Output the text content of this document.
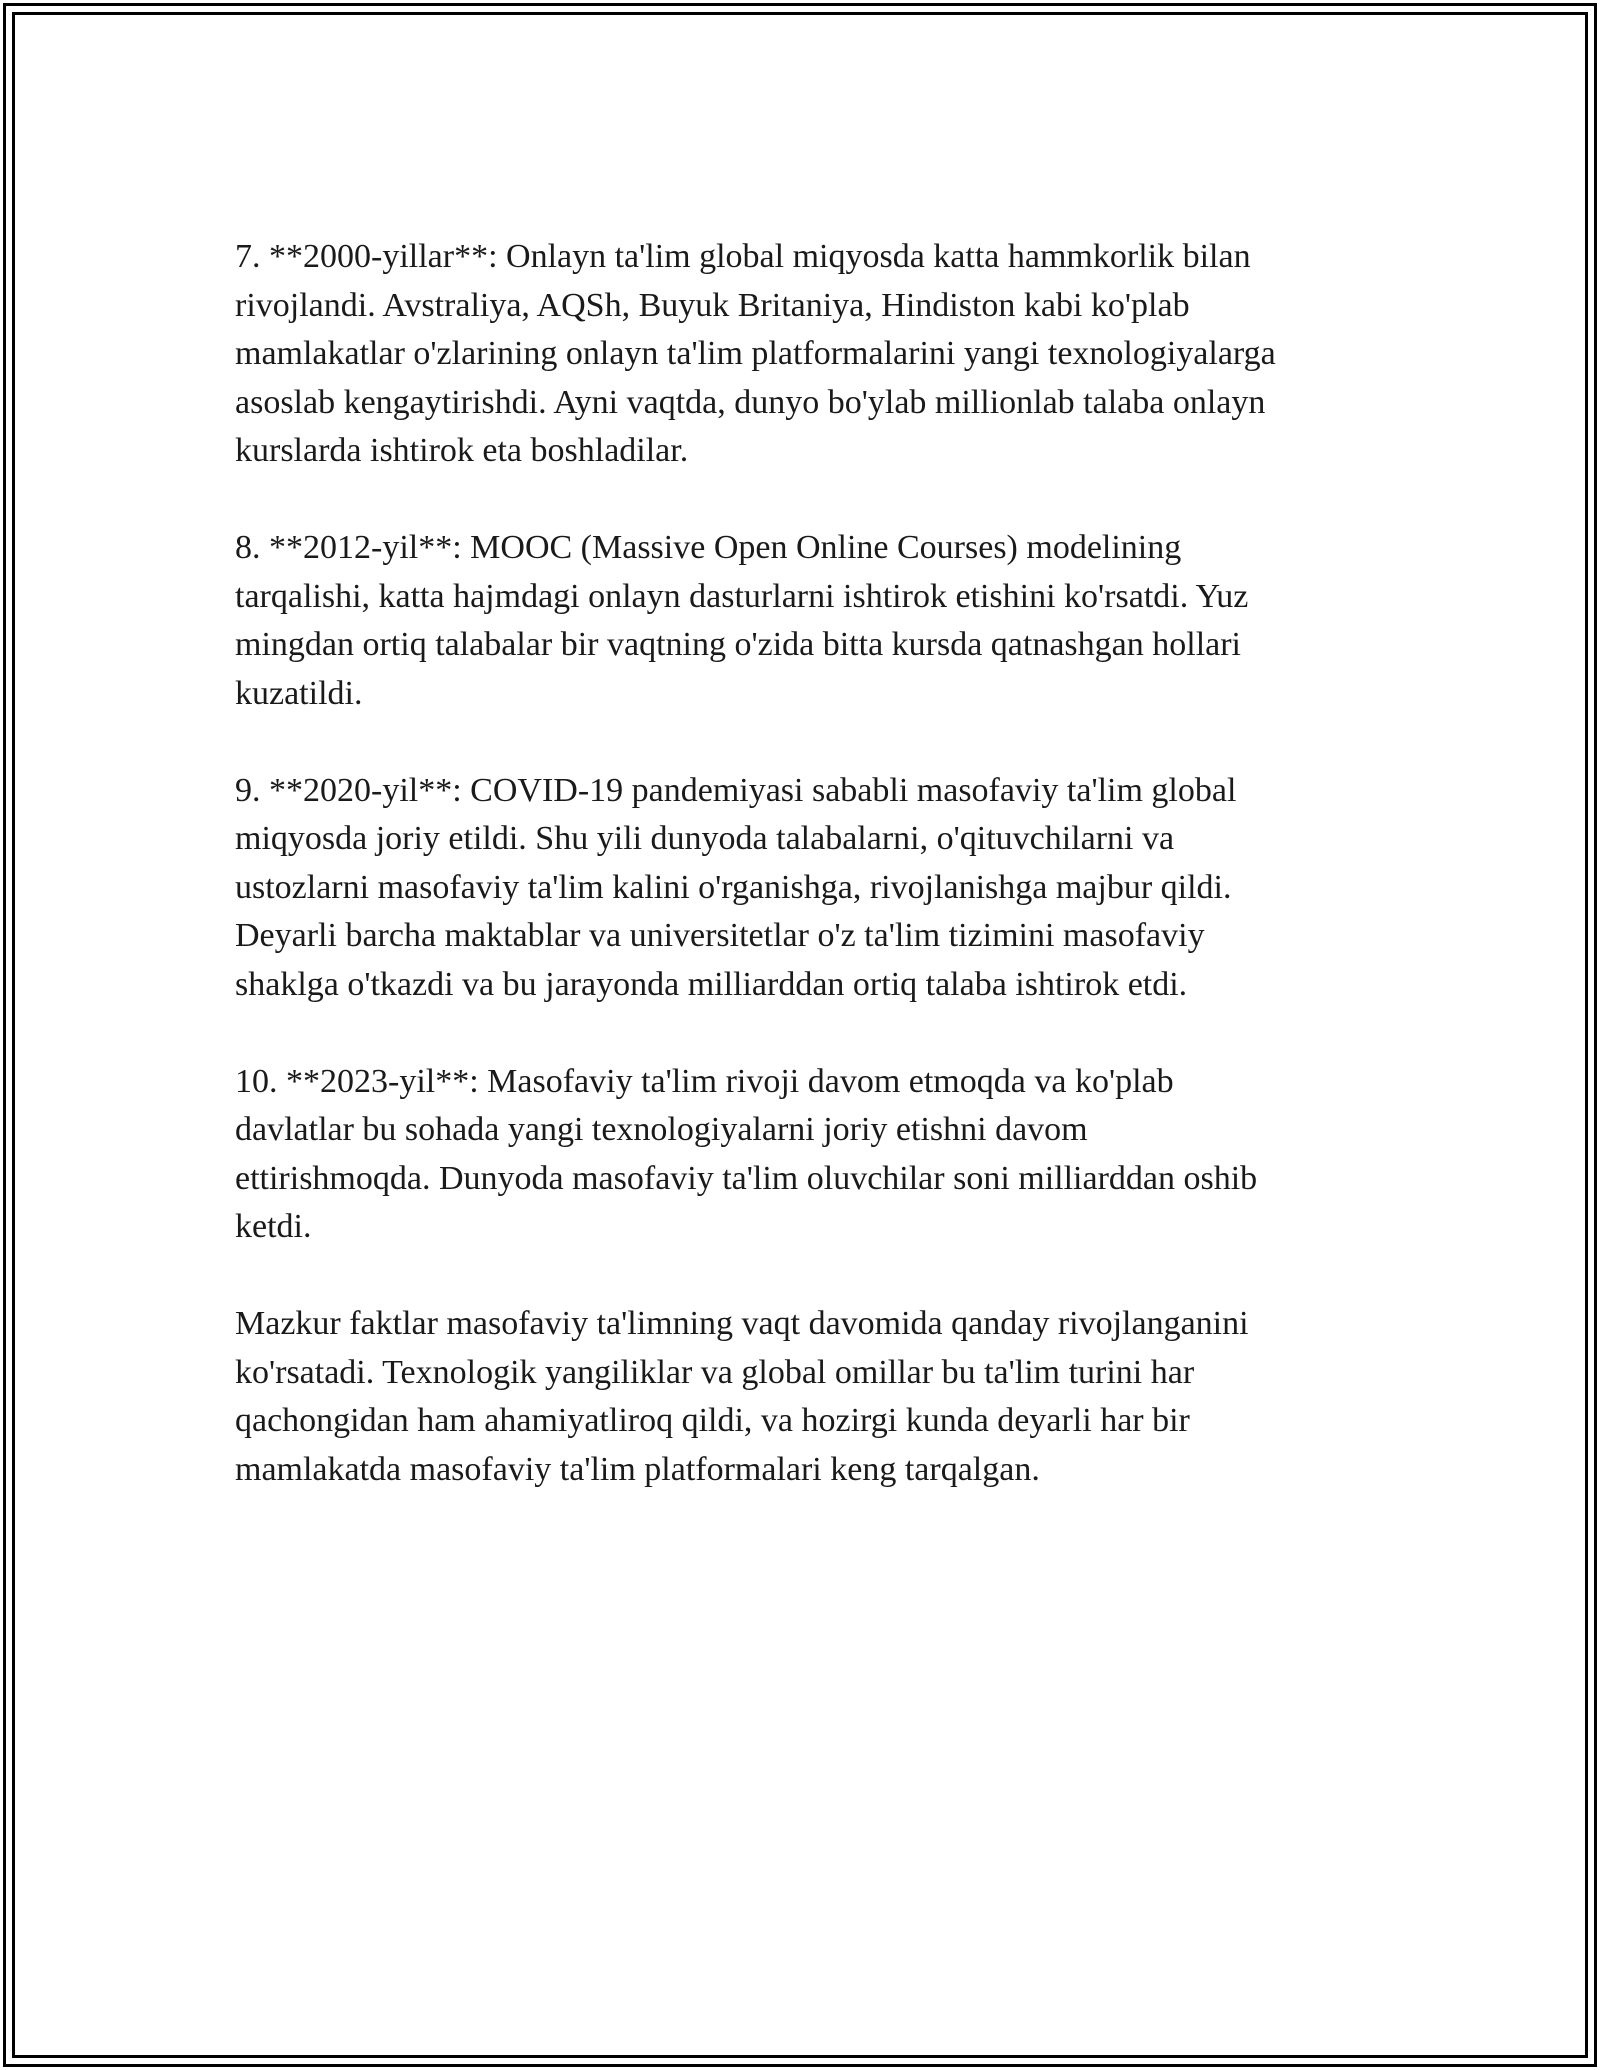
7. **2000-yillar**: Onlayn ta'lim global miqyosda katta hammkorlik bilan
rivojlandi. Avstraliya, AQSh, Buyuk Britaniya, Hindiston kabi ko'plab
mamlakatlar o'zlarining onlayn ta'lim platformalarini yangi texnologiyalarga
asoslab kengaytirishdi. Ayni vaqtda, dunyo bo'ylab millionlab talaba onlayn
kurslarda ishtirok eta boshladilar.

8. **2012-yil**: MOOC (Massive Open Online Courses) modelining
tarqalishi, katta hajmdagi onlayn dasturlarni ishtirok etishini ko'rsatdi. Yuz
mingdan ortiq talabalar bir vaqtning o'zida bitta kursda qatnashgan hollari
kuzatildi.

9. **2020-yil**: COVID-19 pandemiyasi sababli masofaviy ta'lim global
miqyosda joriy etildi. Shu yili dunyoda talabalarni, o'qituvchilarni va
ustozlarni masofaviy ta'lim kalini o'rganishga, rivojlanishga majbur qildi.
Deyarli barcha maktablar va universitetlar o'z ta'lim tizimini masofaviy
shaklga o'tkazdi va bu jarayonda milliarddan ortiq talaba ishtirok etdi.

10. **2023-yil**: Masofaviy ta'lim rivoji davom etmoqda va ko'plab
davlatlar bu sohada yangi texnologiyalarni joriy etishni davom
ettirishmoqda. Dunyoda masofaviy ta'lim oluvchilar soni milliarddan oshib
ketdi.

Mazkur faktlar masofaviy ta'limning vaqt davomida qanday rivojlanganini
ko'rsatadi. Texnologik yangiliklar va global omillar bu ta'lim turini har
qachongidan ham ahamiyatliroq qildi, va hozirgi kunda deyarli har bir
mamlakatda masofaviy ta'lim platformalari keng tarqalgan.
